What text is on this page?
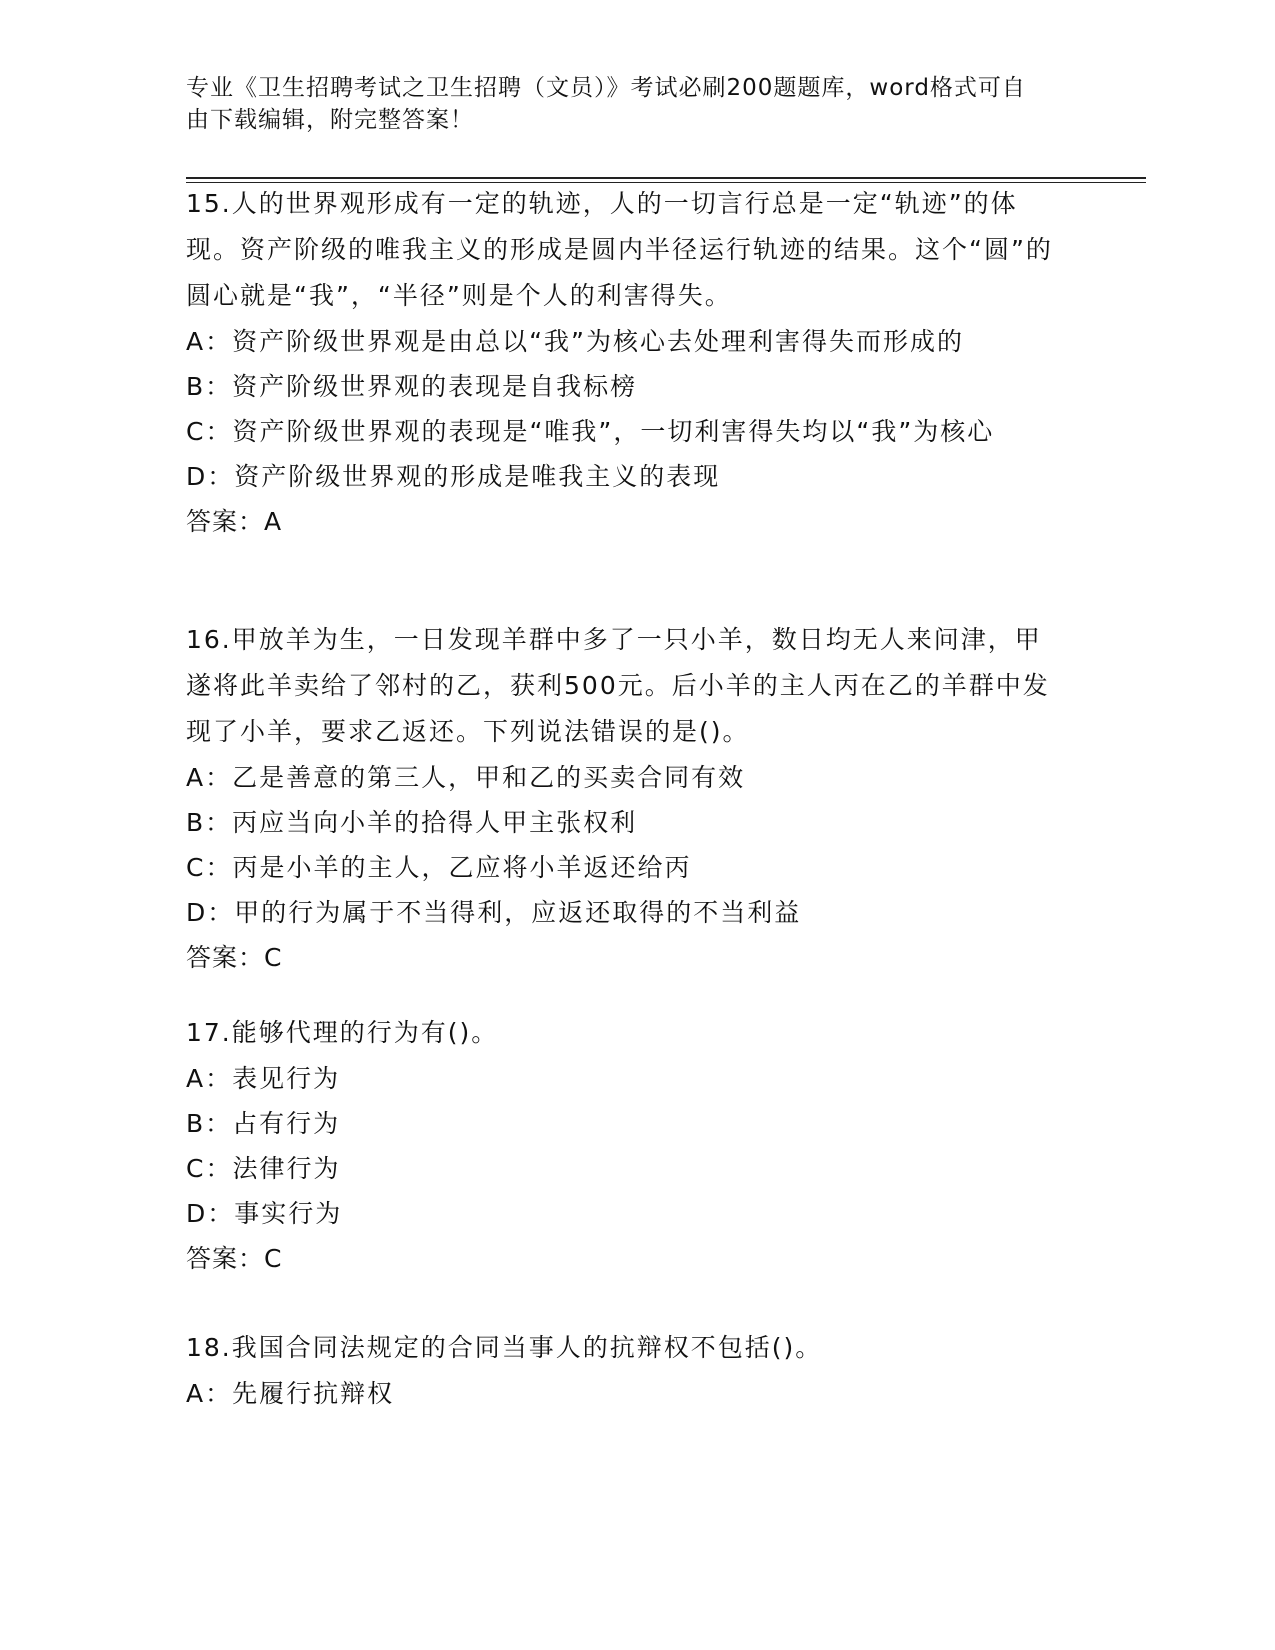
专业《卫生招聘考试之卫生招聘（文员）》考试必刷200题题库，word格式可自
由下载编辑，附完整答案！

15.人的世界观形成有一定的轨迹，人的一切言行总是一定“轨迹”的体现。资产阶级的唯我主义的形成是圆内半径运行轨迹的结果。这个“圆”的圆心就是“我”，“半径”则是个人的利害得失。

A：资产阶级世界观是由总以“我”为核心去处理利害得失而形成的

B：资产阶级世界观的表现是自我标榜

C：资产阶级世界观的表现是“唯我”，一切利害得失均以“我”为核心

D：资产阶级世界观的形成是唯我主义的表现

答案：A

16.甲放羊为生，一日发现羊群中多了一只小羊，数日均无人来问津，甲遂将此羊卖给了邻村的乙，获利500元。后小羊的主人丙在乙的羊群中发现了小羊，要求乙返还。下列说法错误的是()。

A：乙是善意的第三人，甲和乙的买卖合同有效

B：丙应当向小羊的拾得人甲主张权利

C：丙是小羊的主人，乙应将小羊返还给丙

D：甲的行为属于不当得利，应返还取得的不当利益

答案：C

17.能够代理的行为有()。

A：表见行为

B：占有行为

C：法律行为

D：事实行为

答案：C

18.我国合同法规定的合同当事人的抗辩权不包括()。

A：先履行抗辩权
